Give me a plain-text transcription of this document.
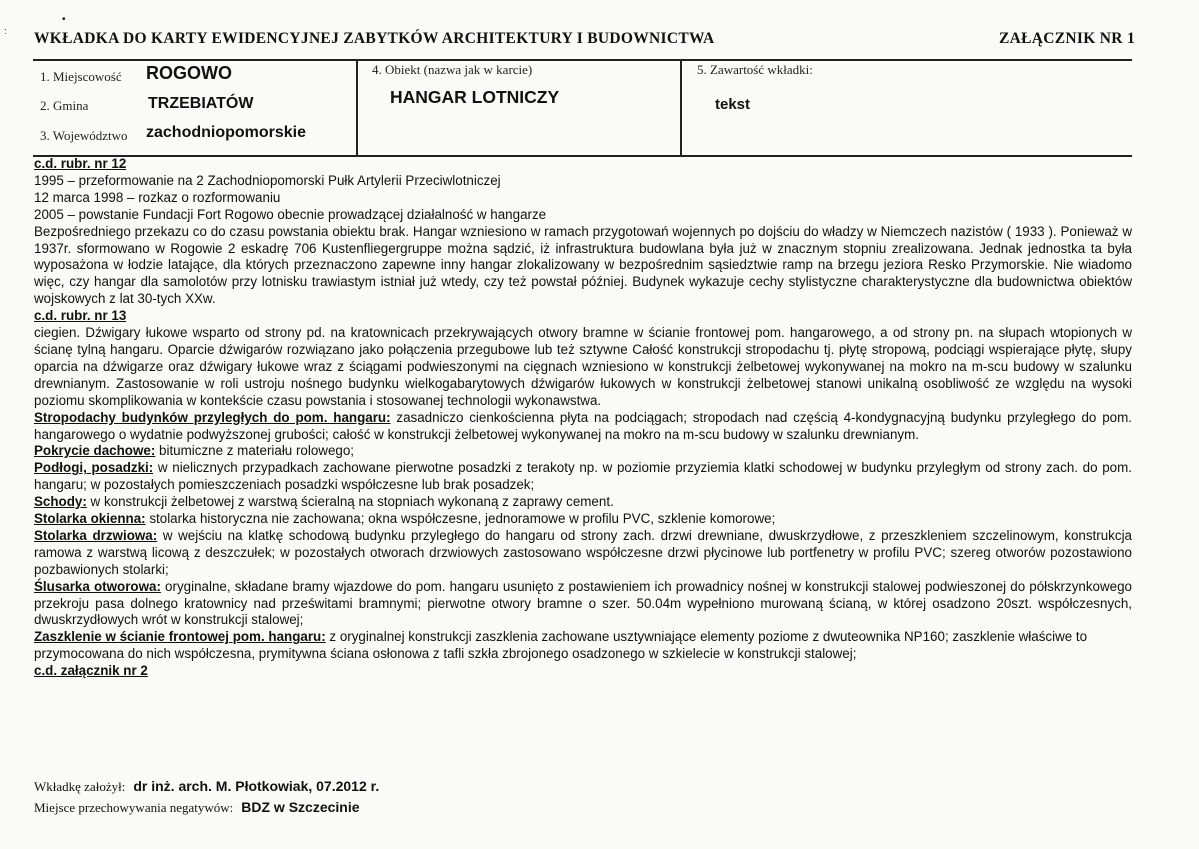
•
: WKŁADKA DO KARTY EWIDENCYJNEJ ZABYTKÓW ARCHITEKTURY I BUDOWNICTWA	ZAŁĄCZNIK NR 1
1. Miejscowość ROGOWO
2. Gmina	TRZEBIATÓW
3. Województwo zachodniopomorskie
4. Obiekt (nazwa jak w karcie)
HANGAR LOTNICZY
5. Zawartość wkładki:
tekst

c.d. rubr. nr 12

1995 – przeformowanie na 2 Zachodniopomorski Pułk Artylerii Przeciwlotniczej

12 marca 1998 – rozkaz o rozformowaniu

2005 – powstanie Fundacji Fort Rogowo obecnie prowadzącej działalność w hangarze

Bezpośredniego przekazu co do czasu powstania obiektu brak. Hangar wzniesiono w ramach przygotowań wojennych po dojściu do władzy w Niemczech nazistów ( 1933 ). Ponieważ w 1937r. sformowano w Rogowie 2 eskadrę 706 Kustenfliegergruppe można sądzić, iż infrastruktura budowlana była już w znacznym stopniu zrealizowana. Jednak jednostka ta była wyposażona w łodzie latające, dla których przeznaczono zapewne inny hangar zlokalizowany w bezpośrednim sąsiedztwie ramp na brzegu jeziora Resko Przymorskie. Nie wiadomo więc, czy hangar dla samolotów przy lotnisku trawiastym istniał już wtedy, czy też powstał później. Budynek wykazuje cechy stylistyczne charakterystyczne dla budownictwa obiektów wojskowych z lat 30-tych XXw.

c.d. rubr. nr 13

ciegien. Dźwigary łukowe wsparto od strony pd. na kratownicach przekrywających otwory bramne w ścianie frontowej pom. hangarowego, a od strony pn. na słupach wtopionych w ścianę tylną hangaru. Oparcie dźwigarów rozwiązano jako połączenia przegubowe lub też sztywne Całość konstrukcji stropodachu tj. płytę stropową, podciągi wspierające płytę, słupy oparcia na dźwigarze oraz dźwigary łukowe wraz z ściągami podwieszonymi na cięgnach wzniesiono w konstrukcji żelbetowej wykonywanej na mokro na m-scu budowy w szalunku drewnianym. Zastosowanie w roli ustroju nośnego budynku wielkogabarytowych dźwigarów łukowych w konstrukcji żelbetowej stanowi unikalną osobliwość ze względu na wysoki poziomu skomplikowania w kontekście czasu powstania i stosowanej technologii wykonawstwa.

Stropodachy budynków przyległych do pom. hangaru: zasadniczo cienkościenna płyta na podciągach; stropodach nad częścią 4-kondygnacyjną budynku przyległego do pom. hangarowego o wydatnie podwyższonej grubości; całość w konstrukcji żelbetowej wykonywanej na mokro na m-scu budowy w szalunku drewnianym.

Pokrycie dachowe: bitumiczne z materiału rolowego;

Podłogi, posadzki: w nielicznych przypadkach zachowane pierwotne posadzki z terakoty np. w poziomie przyziemia klatki schodowej w budynku przyległym od strony zach. do pom. hangaru; w pozostałych pomieszczeniach posadzki współczesne lub brak posadzek;

Schody: w konstrukcji żelbetowej z warstwą ścieralną na stopniach wykonaną z zaprawy cement.

Stolarka okienna: stolarka historyczna nie zachowana; okna współczesne, jednoramowe w profilu PVC, szklenie komorowe;

Stolarka drzwiowa: w wejściu na klatkę schodową budynku przyległego do hangaru od strony zach. drzwi drewniane, dwuskrzydłowe, z przeszkleniem szczelinowym, konstrukcja ramowa z warstwą licową z deszczułek; w pozostałych otworach drzwiowych zastosowano współczesne drzwi płycinowe lub portfenetry w profilu PVC; szereg otworów pozostawiono pozbawionych stolarki;

Ślusarka otworowa: oryginalne, składane bramy wjazdowe do pom. hangaru usunięto z postawieniem ich prowadnicy nośnej w konstrukcji stalowej podwieszonej do półskrzynkowego przekroju pasa dolnego kratownicy nad prześwitami bramnymi; pierwotne otwory bramne o szer. 50.04m wypełniono murowaną ścianą, w której osadzono 20szt. współczesnych, dwuskrzydłowych wrót w konstrukcji stalowej;

Zaszklenie w ścianie frontowej pom. hangaru: z oryginalnej konstrukcji zaszklenia zachowane usztywniające elementy poziome z dwuteownika NP160; zaszklenie właściwe to przymocowana do nich współczesna, prymitywna ściana osłonowa z tafli szkła zbrojonego osadzonego w szkielecie w konstrukcji stalowej;

c.d. załącznik nr 2

Wkładkę założył: dr inż. arch. M. Płotkowiak, 07.2012 r.
Miejsce przechowywania negatywów: BDZ w Szczecinie
